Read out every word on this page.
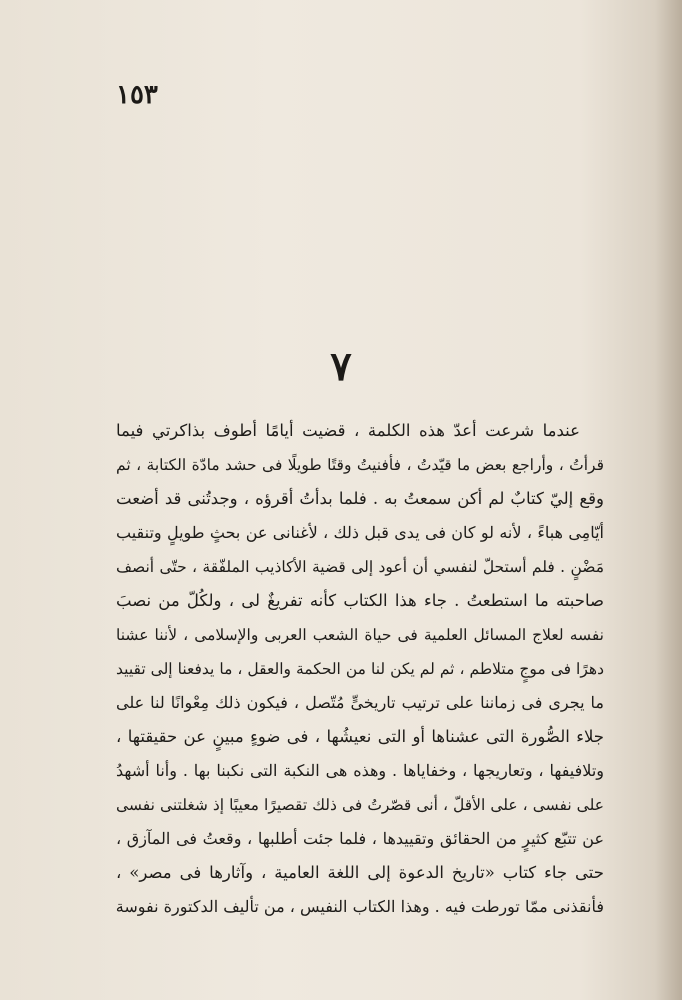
١٥٣
٧
عندما شرعت أعدّ هذه الكلمة ، قضيت أيامًا أطوف بذاكرتي فيما
قرأتُ ، وأراجع بعض ما قيّدتُ ، فأفنيتُ وقتًا طويلًا فى حشد مادّة الكتابة ، ثم
وقع إليّ كتابٌ لم أكن سمعتُ به . فلما بدأتُ أقرؤه ، وجدتُنى قد أضعت
أيّامِى هباءً ، لأنه لو كان فى يدى قبل ذلك ، لأغنانى عن بحثٍ طويلٍ وتنقيب
مَضْنٍ . فلم أستحلّ لنفسي أن أعود إلى قضية الأكاذيب الملفّقة ، حتّى أنصف
صاحبته ما استطعتُ . جاء هذا الكتاب كأنه تفريغٌ لى ، ولكُلّ من نصبَ
نفسه لعلاج المسائل العلمية فى حياة الشعب العربى والإسلامى ، لأننا عشنا
دهرًا فى موجٍ متلاطم ، ثم لم يكن لنا من الحكمة والعقل ، ما يدفعنا إلى تقييد
ما يجرى فى زماننا على ترتيب تاريخىٍّ مُتّصل ، فيكون ذلك مِعْوانًا لنا على
جلاء الصُّورة التى عشناها أو التى نعيشُها ، فى ضوءٍ مبينٍ عن حقيقتها ،
وتلافيفها ، وتعاريجها ، وخفاياها . وهذه هى النكبة التى نكبنا بها . وأنا أشهدُ
على نفسى ، على الأقلّ ، أنى قصّرتُ فى ذلك تقصيرًا معيبًا إذ شغلتنى نفسى
عن تتبّع كثيرٍ من الحقائق وتقييدها ، فلما جئت أطلبها ، وقعتُ فى المآزق ،
حتى جاء كتاب «تاريخ الدعوة إلى اللغة العامية ، وآثارها فى مصر» ،
فأنقذنى ممّا تورطت فيه . وهذا الكتاب النفيس ، من تأليف الدكتورة نفوسة
